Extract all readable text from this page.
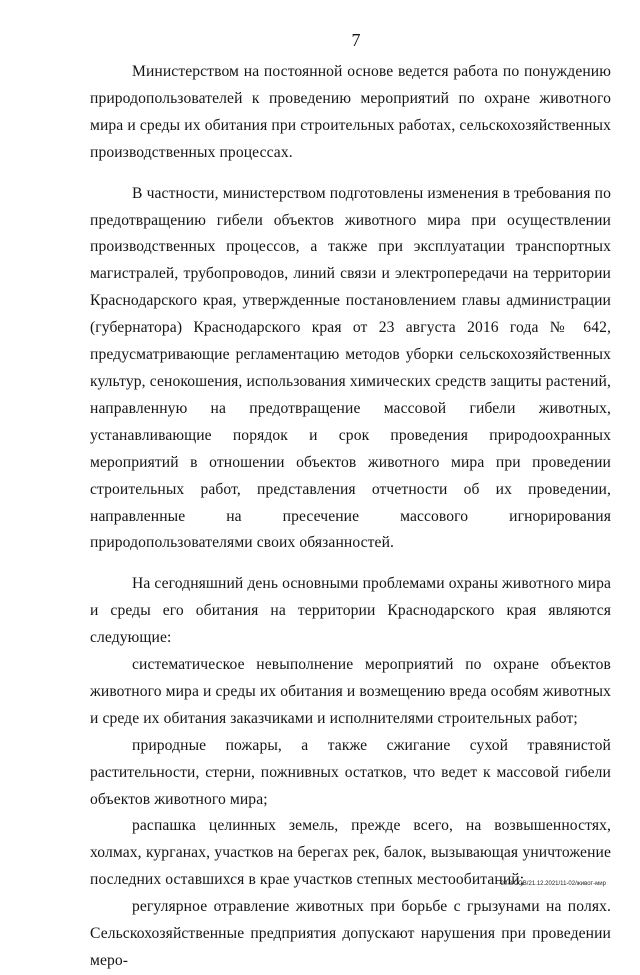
7

Министерством на постоянной основе ведется работа по понуждению природопользователей к проведению мероприятий по охране животного мира и среды их обитания при строительных работах, сельскохозяйственных производственных процессах.

В частности, министерством подготовлены изменения в требования по предотвращению гибели объектов животного мира при осуществлении производственных процессов, а также при эксплуатации транспортных магистралей, трубопроводов, линий связи и электропередачи на территории Краснодарского края, утвержденные постановлением главы администрации (губернатора) Краснодарского края от 23 августа 2016 года № 642, предусматривающие регламентацию методов уборки сельскохозяйственных культур, сенокошения, использования химических средств защиты растений, направленную на предотвращение массовой гибели животных, устанавливающие порядок и срок проведения природоохранных мероприятий в отношении объектов животного мира при проведении строительных работ, представления отчетности об их проведении, направленные на пресечение массового игнорирования природопользователями своих обязанностей.

На сегодняшний день основными проблемами охраны животного мира и среды его обитания на территории Краснодарского края являются следующие:

систематическое невыполнение мероприятий по охране объектов животного мира и среды их обитания и возмещению вреда особям животных и среде их обитания заказчиками и исполнителями строительных работ;

природные пожары, а также сжигание сухой травянистой растительности, стерни, пожнивных остатков, что ведет к массовой гибели объектов животного мира;

распашка целинных земель, прежде всего, на возвышенностях, холмах, курганах, участков на берегах рек, балок, вызывающая уничтожение последних оставшихся в крае участков степных местообитаний;

регулярное отравление животных при борьбе с грызунами на полях. Сельскохозяйственные предприятия допускают нарушения при проведении меро-

20.3/СОВ/21.12.2021/11-02/живот-мир
